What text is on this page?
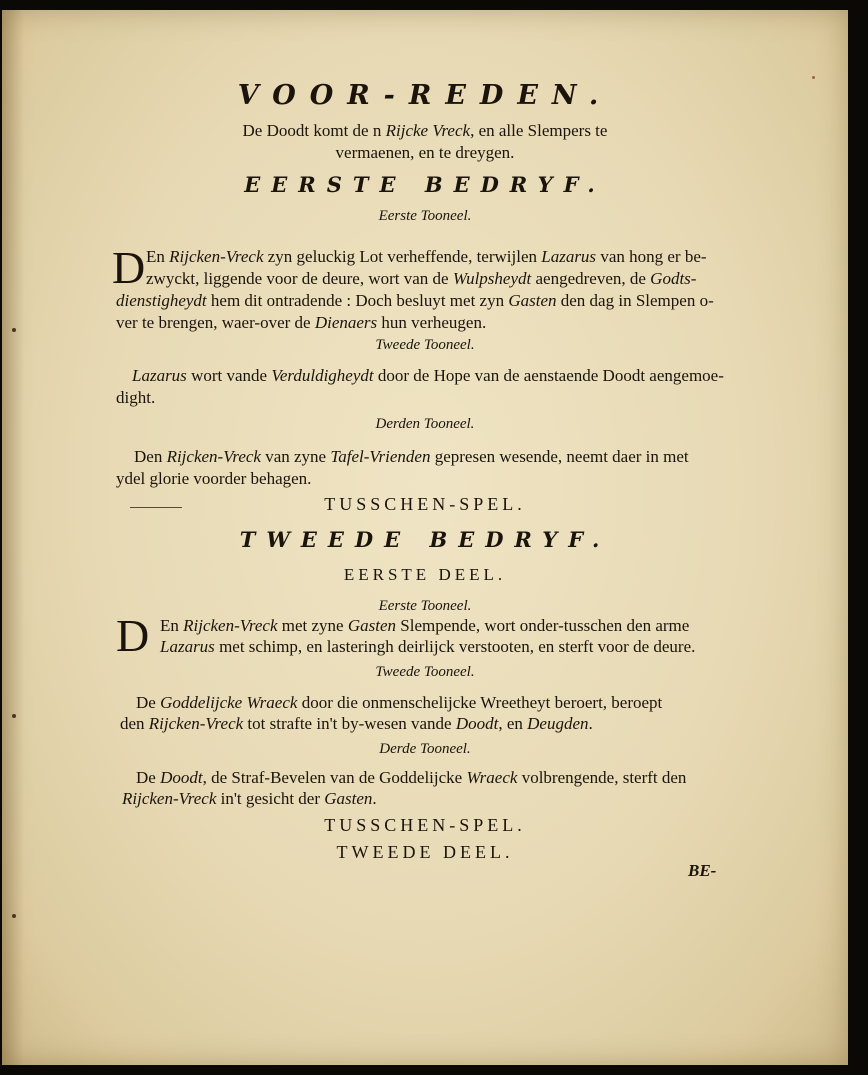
VOOR-REDEN.
De Doodt komt de n Rijcke Vreck, en alle Slempers te
vermaenen, en te dreygen.
EERSTE BEDRYF.
Eerste Tooneel.
D En Rijcken-Vreck zyn geluckig Lot verheffende, terwijlen Lazarus van hong er be-
zwyckt, liggende voor de deure, wort van de Wulpsheydt aengedreven, de Godts-
dienstigheydt hem dit ontradende : Doch besluyt met zyn Gasten den dag in Slempen o-
ver te brengen, waer-over de Dienaers hun verheugen.
Tweede Tooneel.
Lazarus wort vande Verduldigheydt door de Hope van de aenstaende Doodt aengemoe-
dight.
Derden Tooneel.
Den Rijcken-Vreck van zyne Tafel-Vrienden gepresen wesende, neemt daer in met
ydel glorie voorder behagen.
TUSSCHEN-SPEL.
TWEEDE BEDRYF.
EERSTE DEEL.
Eerste Tooneel.
D En Rijcken-Vreck met zyne Gasten Slempende, wort onder-tusschen den arme
Lazarus met schimp, en lasteringh deirlijck verstooten, en sterft voor de deure.
Tweede Tooneel.
De Goddelijcke Wraeck door die onmenschelijcke Wreetheyt beroert, beroept
den Rijcken-Vreck tot strafte in't by-wesen vande Doodt, en Deugden.
Derde Tooneel.
De Doodt, de Straf-Bevelen van de Goddelijcke Wraeck volbrengende, sterft den
Rijcken-Vreck in't gesicht der Gasten.
TUSSCHEN-SPEL.
TWEEDE DEEL.
BE-
